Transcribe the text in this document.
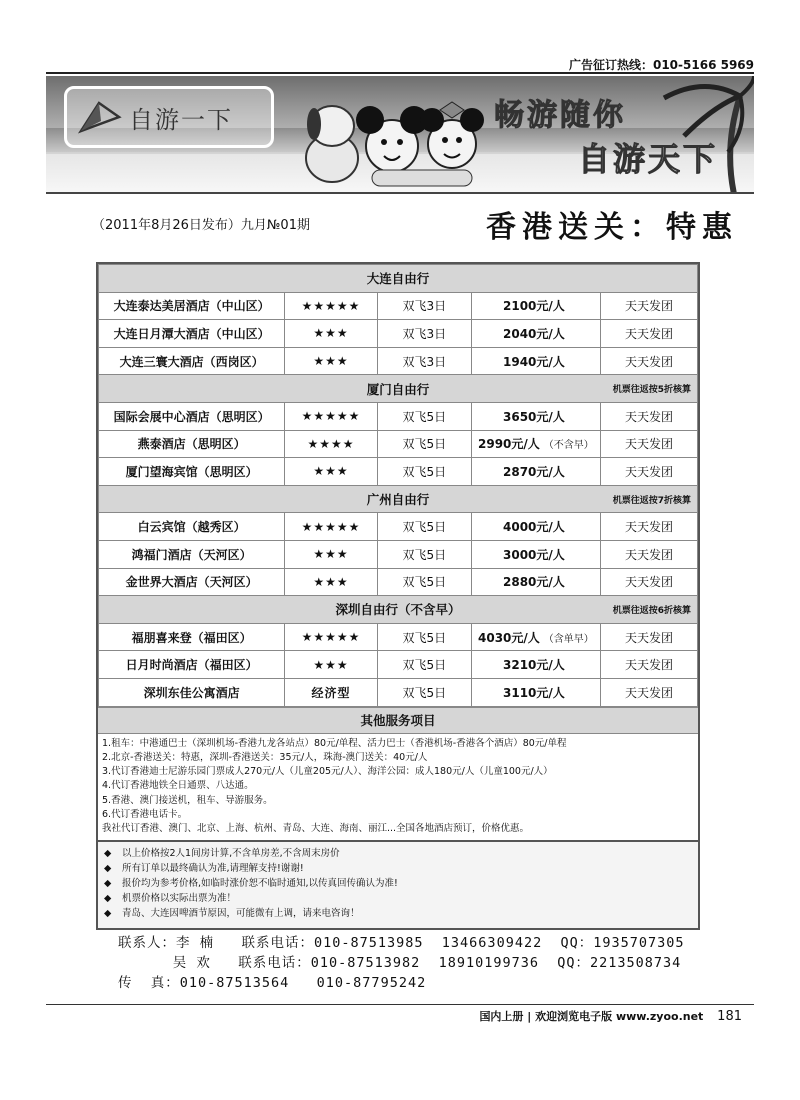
广告征订热线：010-5166 5969
自游一下	畅游随你
自游天下
（2011年8月26日发布）九月№01期	香港送关：特惠
大连自由行				

大连泰达美居酒店（中山区）	★★★★★	双飞3日	2100元/人	天天发团
大连日月潭大酒店（中山区）	★★★	双飞3日	2040元/人	天天发团
大连三寰大酒店（西岗区）	★★★	双飞3日	1940元/人	天天发团
厦门自由行 机票往返按5折核算				

国际会展中心酒店（思明区）	★★★★★	双飞5日	3650元/人	天天发团
燕泰酒店（思明区）	★★★★	双飞5日	2990元/人 （不含早）	天天发团
厦门望海宾馆（思明区）	★★★	双飞5日	2870元/人	天天发团
广州自由行 机票往返按7折核算				

白云宾馆（越秀区）	★★★★★	双飞5日	4000元/人	天天发团
鸿福门酒店（天河区）	★★★	双飞5日	3000元/人	天天发团
金世界大酒店（天河区）	★★★	双飞5日	2880元/人	天天发团
深圳自由行（不含早） 机票往返按6折核算				

福朋喜来登（福田区）	★★★★★	双飞5日	4030元/人 （含单早）	天天发团
日月时尚酒店（福田区）	★★★	双飞5日	3210元/人	天天发团
深圳东佳公寓酒店	经济型	双飞5日	3110元/人	天天发团
其他服务项目
1.租车：中港通巴士（深圳机场-香港九龙各站点）80元/单程、活力巴士（香港机场-香港各个酒店）80元/单程
2.北京-香港送关：特惠，深圳-香港送关：35元/人，珠海-澳门送关：40元/人
3.代订香港迪士尼游乐园门票成人270元/人（儿童205元/人）、海洋公园：成人180元/人（儿童100元/人）
4.代订香港地铁全日通票、八达通。
5.香港、澳门接送机，租车、导游服务。
6.代订香港电话卡。
我社代订香港、澳门、北京、上海、杭州、青岛、大连、海南、丽江...全国各地酒店预订，价格优惠。
◆	以上价格按2人1间房计算,不含单房差,不含周末房价
◆	所有订单以最终确认为准,请理解支持!谢谢!
◆	报价均为参考价格,如临时涨价恕不临时通知,以传真回传确认为准!
◆	机票价格以实际出票为准！
◆	青岛、大连因啤酒节原因，可能微有上调，请来电咨询！
联系人：李 楠   联系电话：010-87513985  13466309422  QQ：1935707305
吴 欢   联系电话：010-87513982  18910199736  QQ：2213508734
传  真：010-87513564   010-87795242
国内上册 | 欢迎浏览电子版 www.zyoo.net 181
